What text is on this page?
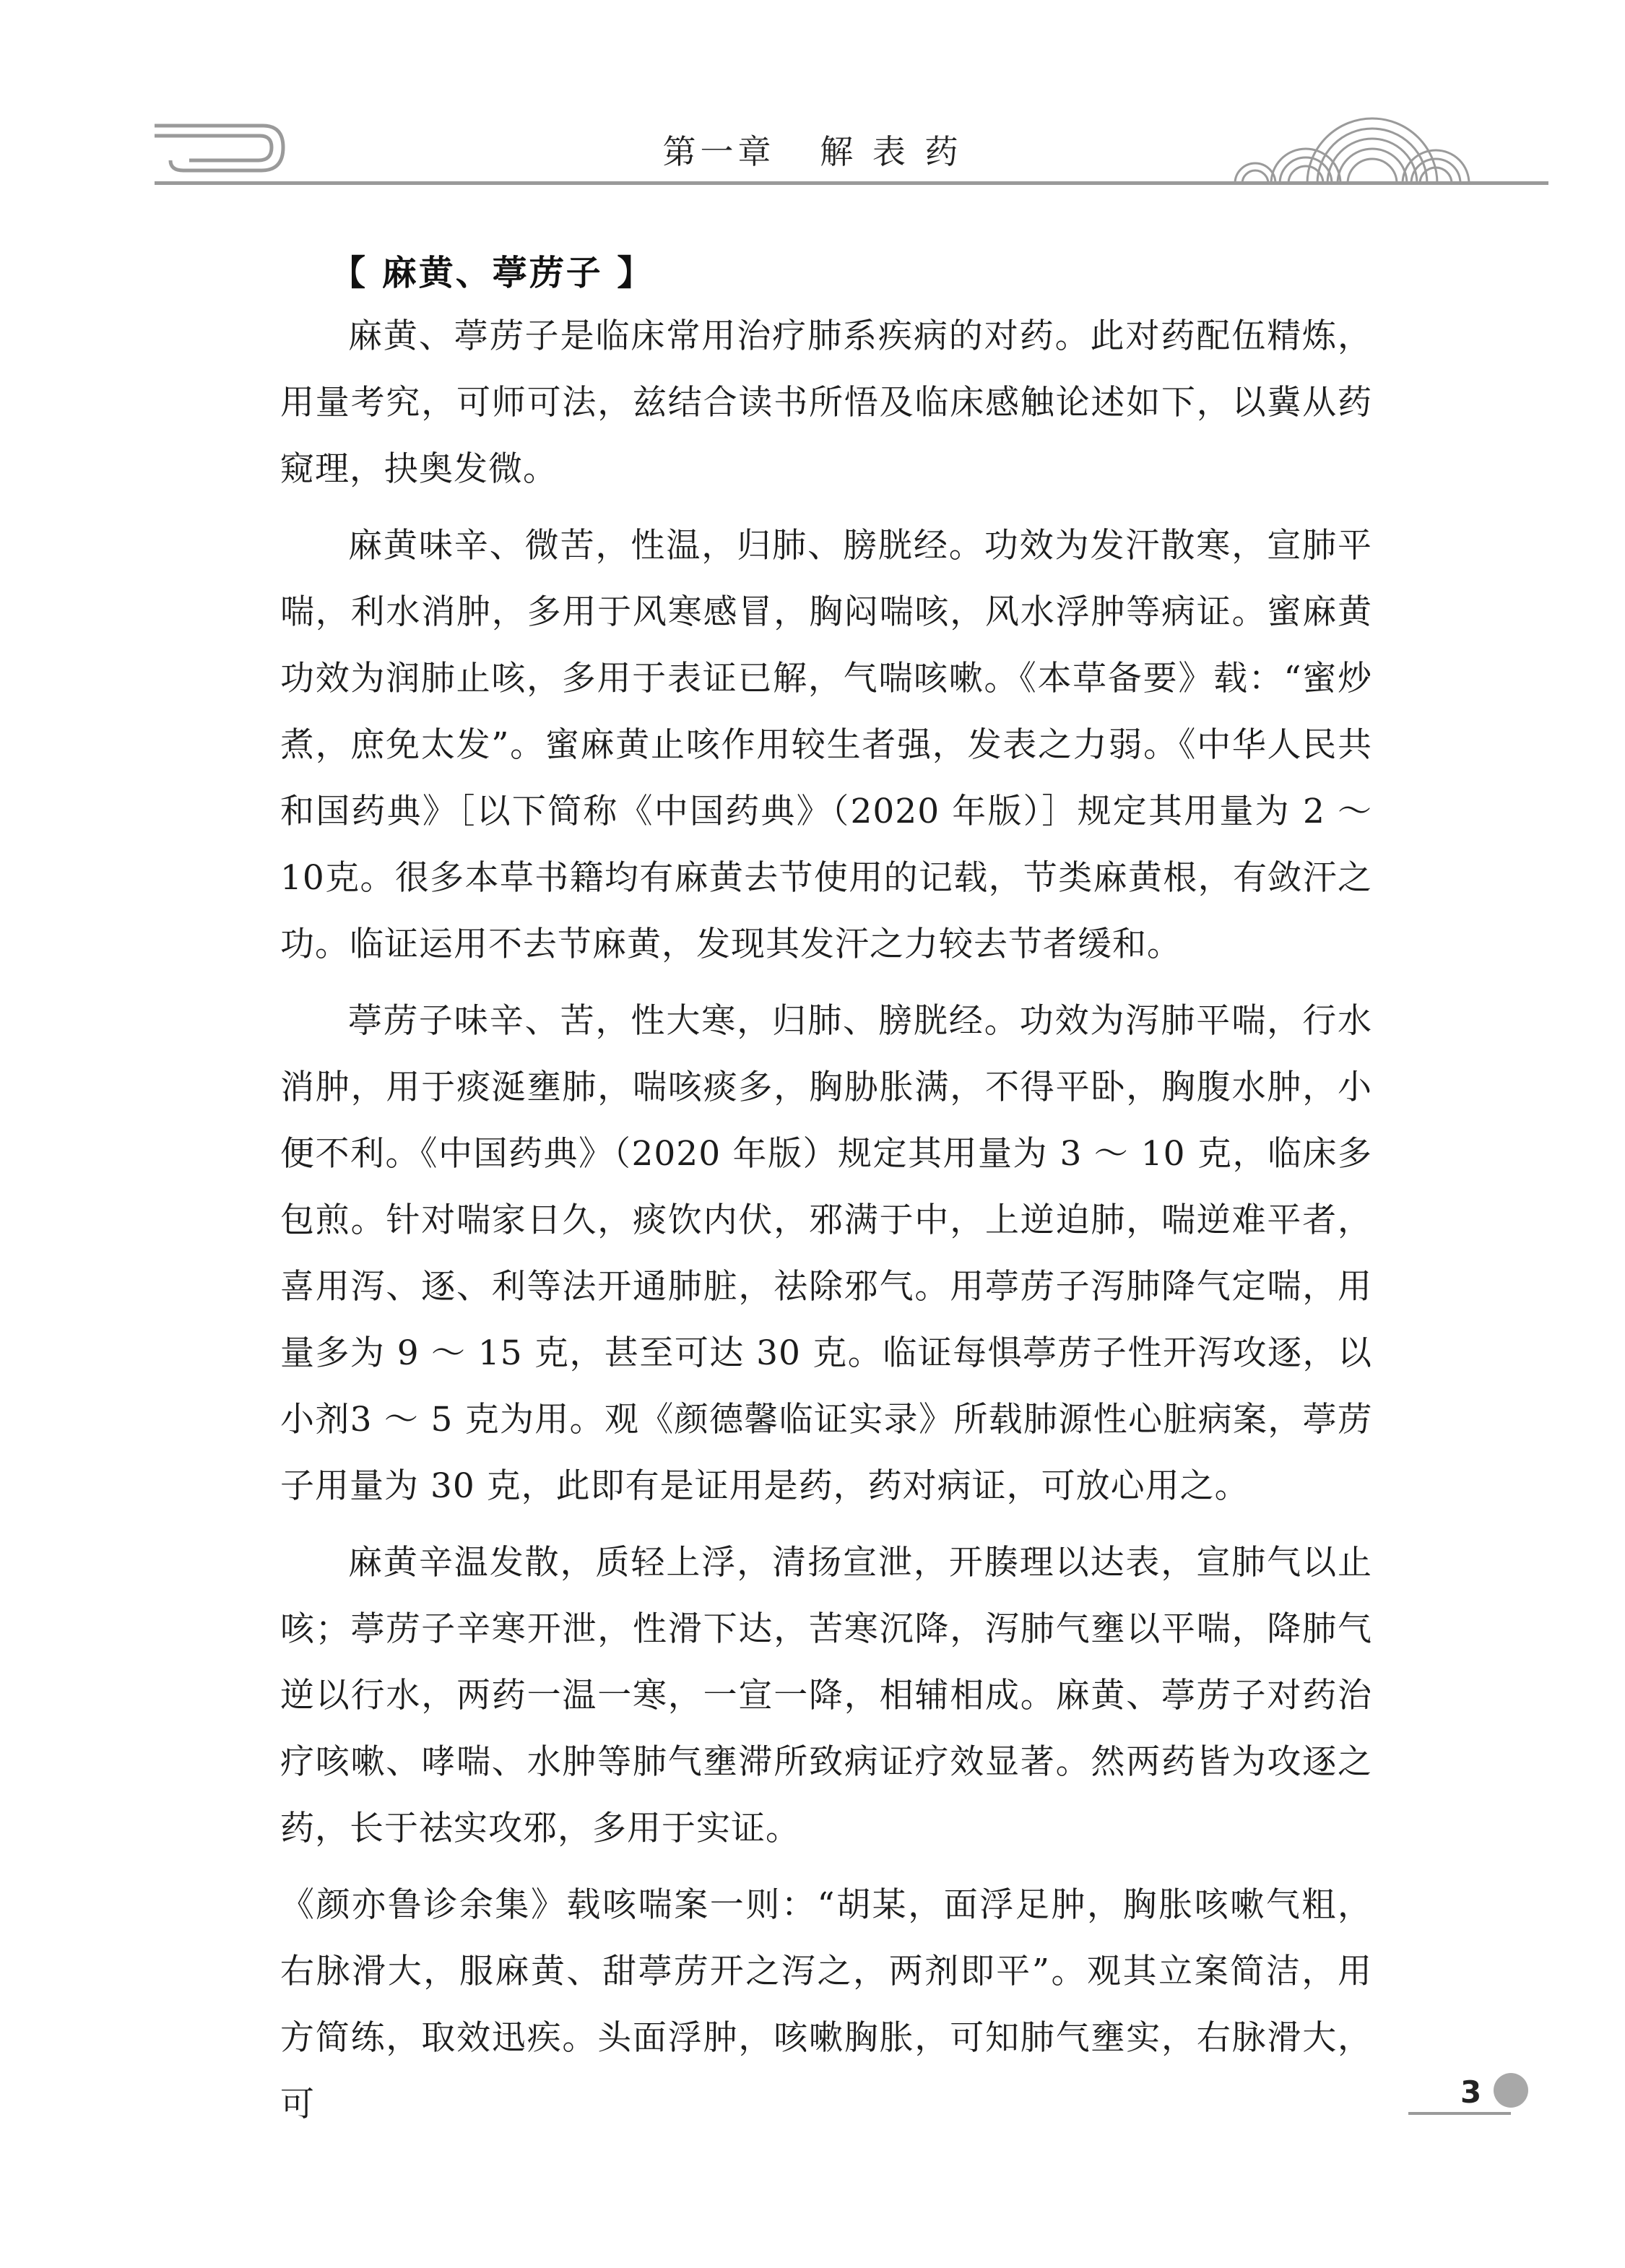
第一章   解 表 药
【 麻黄、葶苈子 】

麻黄、葶苈子是临床常用治疗肺系疾病的对药。此对药配伍精炼，用量考究，可师可法，兹结合读书所悟及临床感触论述如下，以冀从药窥理，抉奥发微。

麻黄味辛、微苦，性温，归肺、膀胱经。功效为发汗散寒，宣肺平喘，利水消肿，多用于风寒感冒，胸闷喘咳，风水浮肿等病证。蜜麻黄功效为润肺止咳，多用于表证已解，气喘咳嗽。《本草备要》载：“蜜炒煮，庶免太发”。蜜麻黄止咳作用较生者强，发表之力弱。《中华人民共和国药典》［以下简称《中国药典》（2020 年版）］规定其用量为 2 ～ 10克。很多本草书籍均有麻黄去节使用的记载，节类麻黄根，有敛汗之功。临证运用不去节麻黄，发现其发汗之力较去节者缓和。

葶苈子味辛、苦，性大寒，归肺、膀胱经。功效为泻肺平喘，行水消肿，用于痰涎壅肺，喘咳痰多，胸胁胀满，不得平卧，胸腹水肿，小便不利。《中国药典》（2020 年版）规定其用量为 3 ～ 10 克，临床多包煎。针对喘家日久，痰饮内伏，邪满于中，上逆迫肺，喘逆难平者，喜用泻、逐、利等法开通肺脏，祛除邪气。用葶苈子泻肺降气定喘，用量多为 9 ～ 15 克，甚至可达 30 克。临证每惧葶苈子性开泻攻逐，以小剂3 ～ 5 克为用。观《颜德馨临证实录》所载肺源性心脏病案，葶苈子用量为 30 克，此即有是证用是药，药对病证，可放心用之。

麻黄辛温发散，质轻上浮，清扬宣泄，开腠理以达表，宣肺气以止咳；葶苈子辛寒开泄，性滑下达，苦寒沉降，泻肺气壅以平喘，降肺气逆以行水，两药一温一寒，一宣一降，相辅相成。麻黄、葶苈子对药治疗咳嗽、哮喘、水肿等肺气壅滞所致病证疗效显著。然两药皆为攻逐之药，长于祛实攻邪，多用于实证。

《颜亦鲁诊余集》载咳喘案一则：“胡某，面浮足肿，胸胀咳嗽气粗，右脉滑大，服麻黄、甜葶苈开之泻之，两剂即平”。观其立案简洁，用方简练，取效迅疾。头面浮肿，咳嗽胸胀，可知肺气壅实，右脉滑大，可	3
